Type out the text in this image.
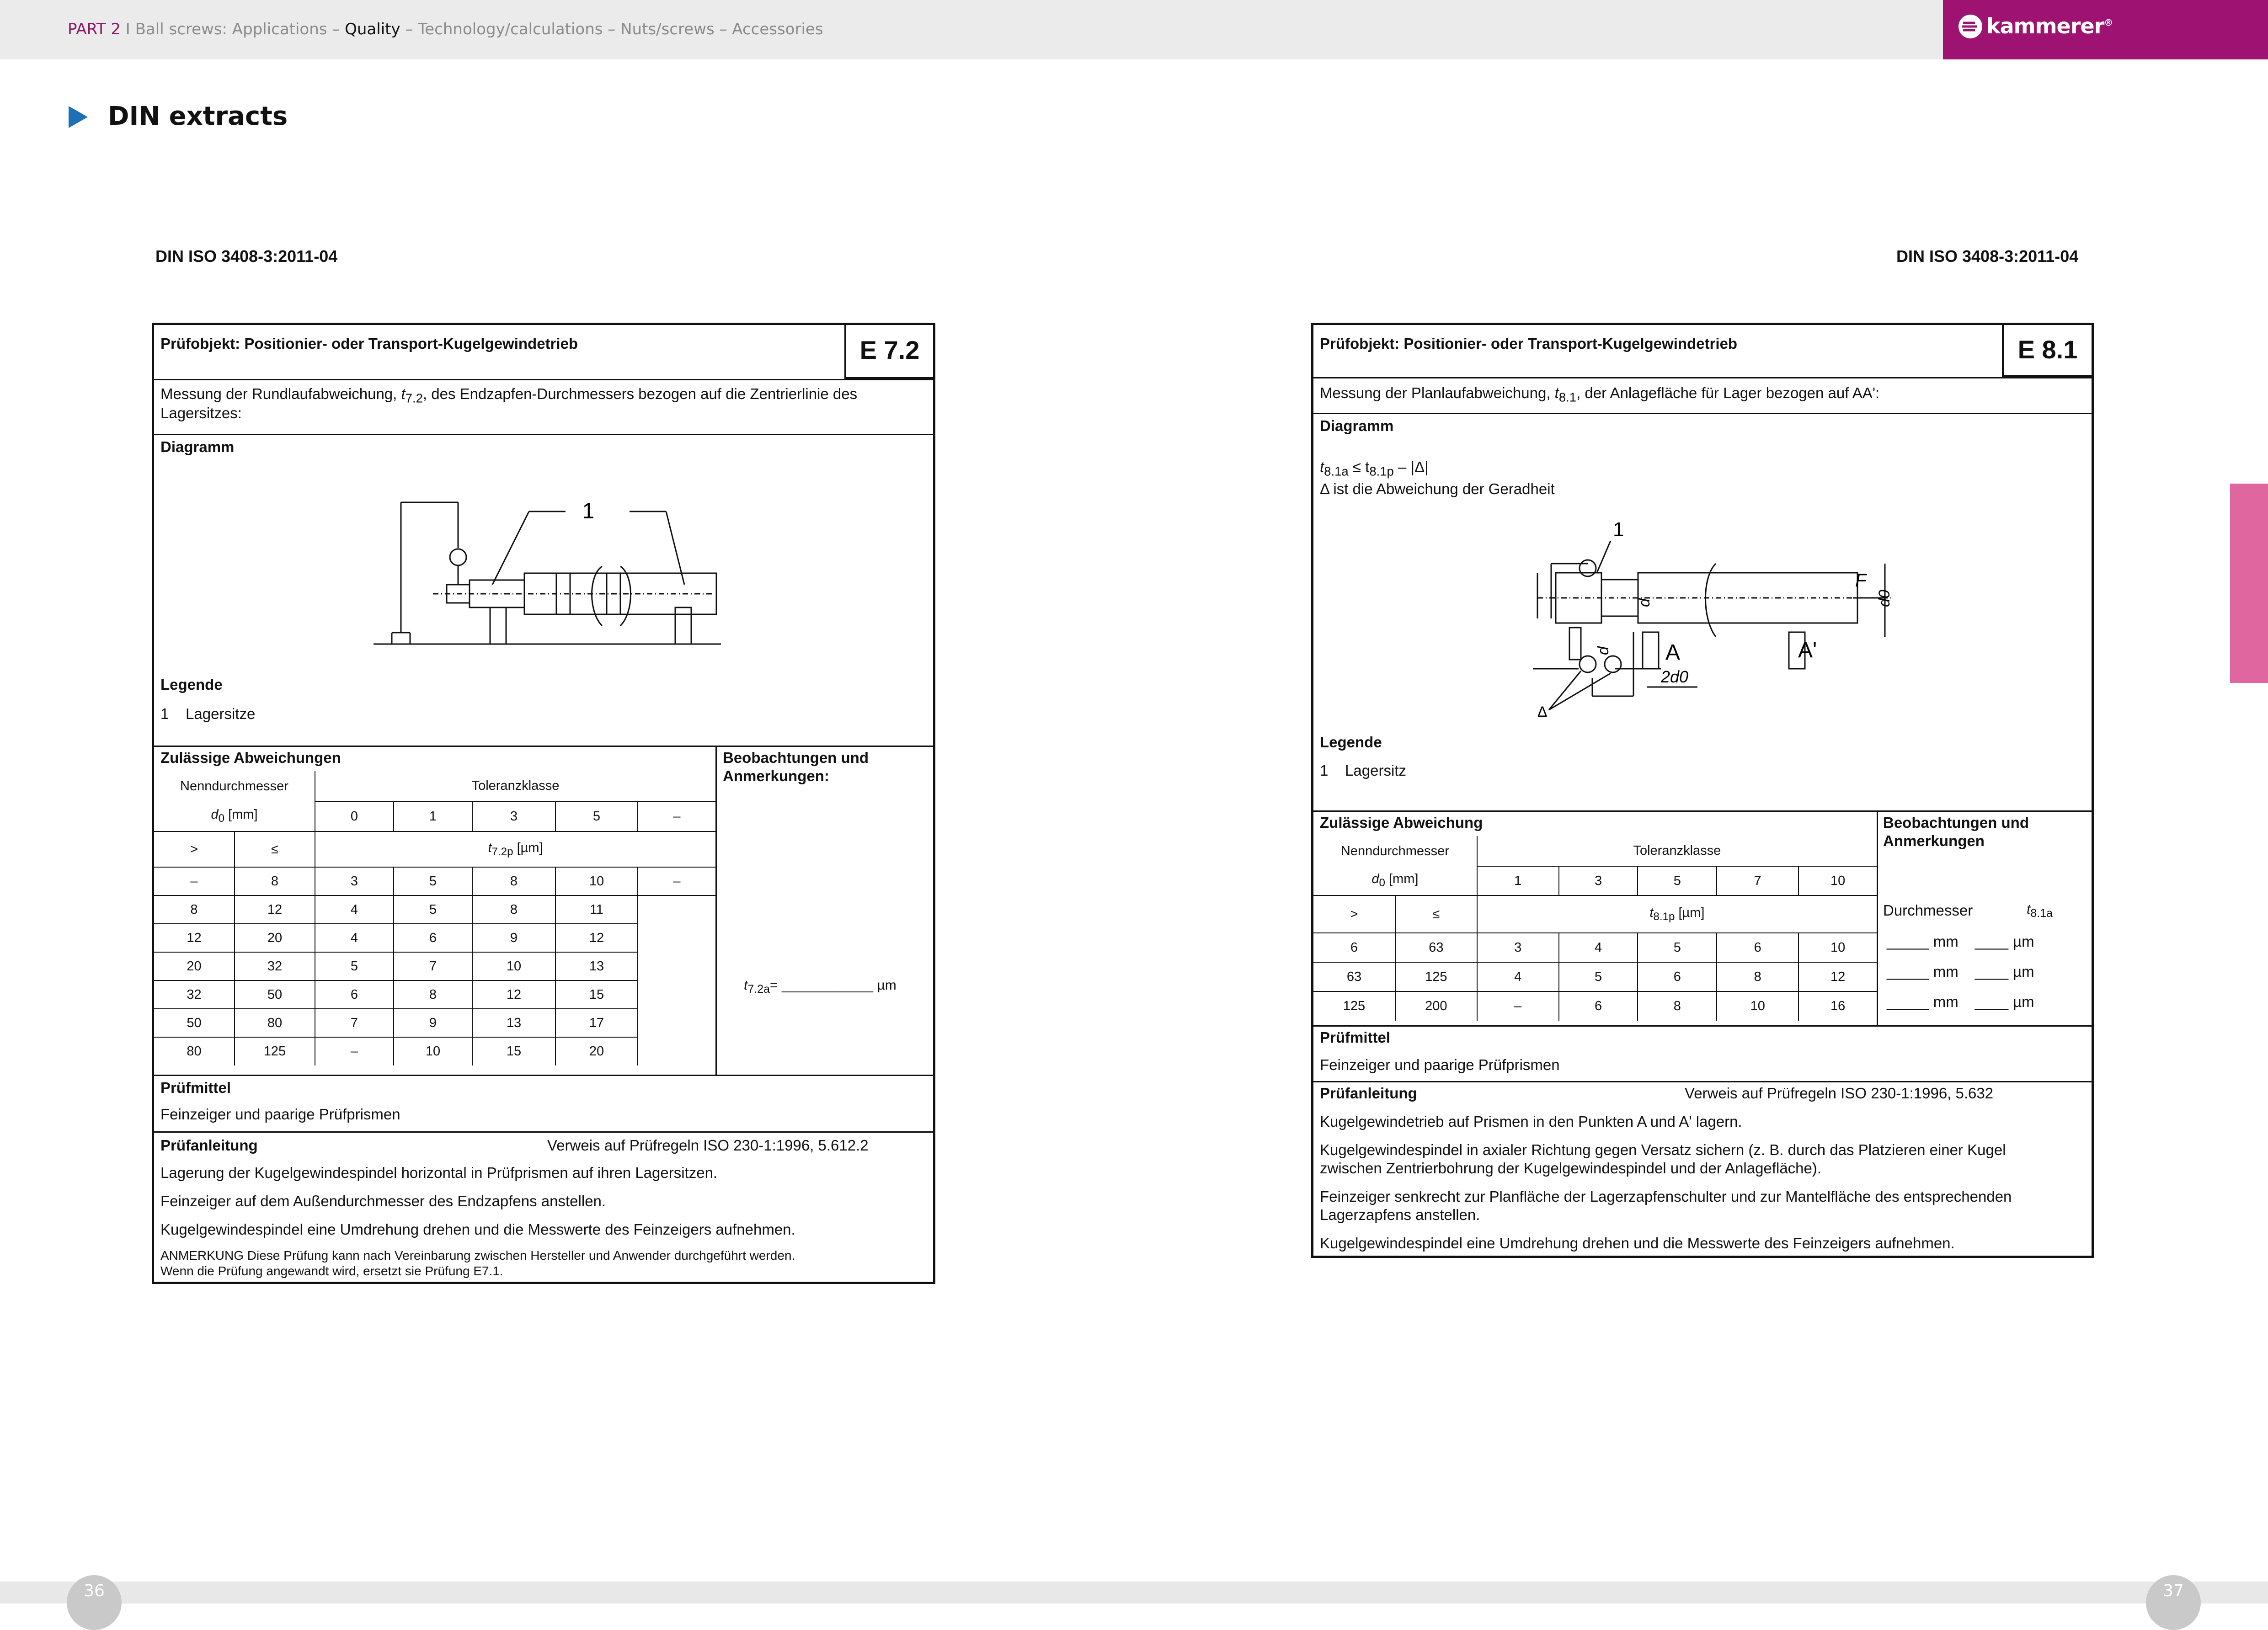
PART 2 I Ball screws: Applications – Quality – Technology/calculations – Nuts/screws – Accessories	kammerer®
DIN extracts
DIN ISO 3408-3:2011-04
Prüfobjekt: Positionier- oder Transport-Kugelgewindetrieb	E 7.2
Messung der Rundlaufabweichung, $t_{7.2}$, des Endzapfen-Durchmessers bezogen auf die Zentrierlinie des
Lagersitzes:
Diagramm
1
Legende
1 Lagersitze
Zulässige Abweichungen	Beobachtungen und
Anmerkungen:
$t_{7.2a}=$ ____________ µm
Nenndurchmesser		Toleranzklasse				
$d_0$ [mm]		0	1	3	5	–
>	≤	$t_{7.2p}$ [µm]				
–	8	3	5	8	10	–
8	12	4	5	8	11	
12	20	4	6	9	12	
20	32	5	7	10	13	
32	50	6	8	12	15	
50	80	7	9	13	17	
80	125	–	10	15	20	
Prüfmittel
Feinzeiger und paarige Prüfprismen
Prüfanleitung	Verweis auf Prüfregeln ISO 230-1:1996, 5.612.2
Lagerung der Kugelgewindespindel horizontal in Prüfprismen auf ihren Lagersitzen.
Feinzeiger auf dem Außendurchmesser des Endzapfens anstellen.
Kugelgewindespindel eine Umdrehung drehen und die Messwerte des Feinzeigers aufnehmen.
ANMERKUNG Diese Prüfung kann nach Vereinbarung zwischen Hersteller und Anwender durchgeführt werden.
Wenn die Prüfung angewandt wird, ersetzt sie Prüfung E7.1.
DIN ISO 3408-3:2011-04
Prüfobjekt: Positionier- oder Transport-Kugelgewindetrieb	E 8.1
Messung der Planlaufabweichung, $t_{8.1}$, der Anlagefläche für Lager bezogen auf AA':
Diagramm
$t_{8.1a} \le t_{8.1p} - |\Delta|$
Δ ist die Abweichung der Geradheit
1
F
d0
d
d A	A'
2d0
Δ
Legende
1 Lagersitz
Zulässige Abweichung	Beobachtungen und
Anmerkungen
Durchmesser	$t_{8.1a}$
_____ mm ____ µm
_____ mm ____ µm
_____ mm ____ µm
Nenndurchmesser		Toleranzklasse				
$d_0$ [mm]		1	3	5	7	10
>	≤	$t_{8.1p}$ [µm]				
6	63	3	4	5	6	10
63	125	4	5	6	8	12
125	200	–	6	8	10	16
Prüfmittel
Feinzeiger und paarige Prüfprismen
Prüfanleitung	Verweis auf Prüfregeln ISO 230-1:1996, 5.632
Kugelgewindetrieb auf Prismen in den Punkten A und A' lagern.
Kugelgewindespindel in axialer Richtung gegen Versatz sichern (z. B. durch das Platzieren einer Kugel
zwischen Zentrierbohrung der Kugelgewindespindel und der Anlagefläche).
Feinzeiger senkrecht zur Planfläche der Lagerzapfenschulter und zur Mantelfläche des entsprechenden
Lagerzapfens anstellen.
Kugelgewindespindel eine Umdrehung drehen und die Messwerte des Feinzeigers aufnehmen.
36	37
